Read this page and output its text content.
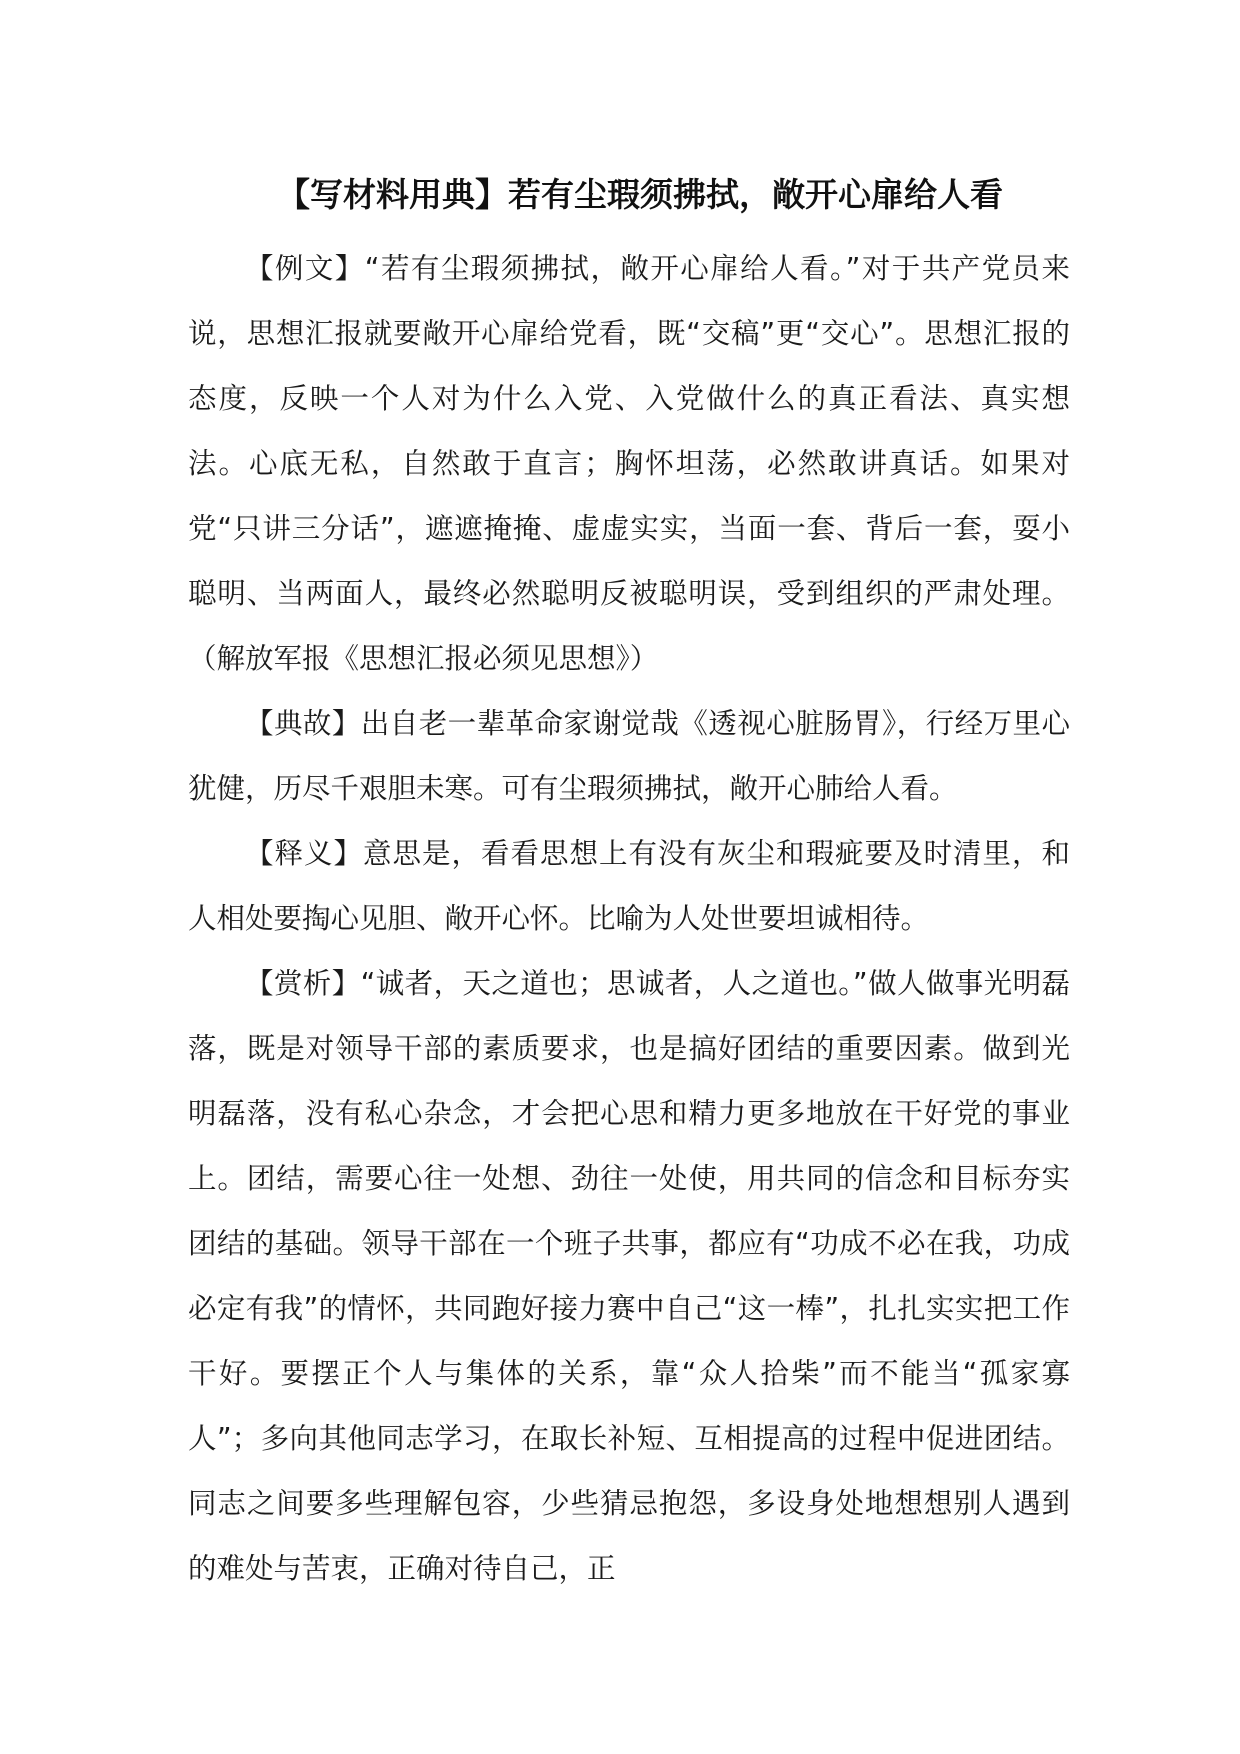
【写材料用典】若有尘瑕须拂拭，敞开心扉给人看

【例文】“若有尘瑕须拂拭，敞开心扉给人看。”对于共产党员来说，思想汇报就要敞开心扉给党看，既“交稿”更“交心”。思想汇报的态度，反映一个人对为什么入党、入党做什么的真正看法、真实想法。心底无私，自然敢于直言；胸怀坦荡，必然敢讲真话。如果对党“只讲三分话”，遮遮掩掩、虚虚实实，当面一套、背后一套，耍小聪明、当两面人，最终必然聪明反被聪明误，受到组织的严肃处理。（解放军报《思想汇报必须见思想》）

【典故】出自老一辈革命家谢觉哉《透视心脏肠胃》，行经万里心犹健，历尽千艰胆未寒。可有尘瑕须拂拭，敞开心肺给人看。

【释义】意思是，看看思想上有没有灰尘和瑕疵要及时清里，和人相处要掏心见胆、敞开心怀。比喻为人处世要坦诚相待。

【赏析】“诚者，天之道也；思诚者，人之道也。”做人做事光明磊落，既是对领导干部的素质要求，也是搞好团结的重要因素。做到光明磊落，没有私心杂念，才会把心思和精力更多地放在干好党的事业上。团结，需要心往一处想、劲往一处使，用共同的信念和目标夯实团结的基础。领导干部在一个班子共事，都应有“功成不必在我，功成必定有我”的情怀，共同跑好接力赛中自己“这一棒”，扎扎实实把工作干好。要摆正个人与集体的关系，靠“众人拾柴”而不能当“孤家寡人”；多向其他同志学习，在取长补短、互相提高的过程中促进团结。同志之间要多些理解包容，少些猜忌抱怨，多设身处地想想别人遇到的难处与苦衷，正确对待自己，正
